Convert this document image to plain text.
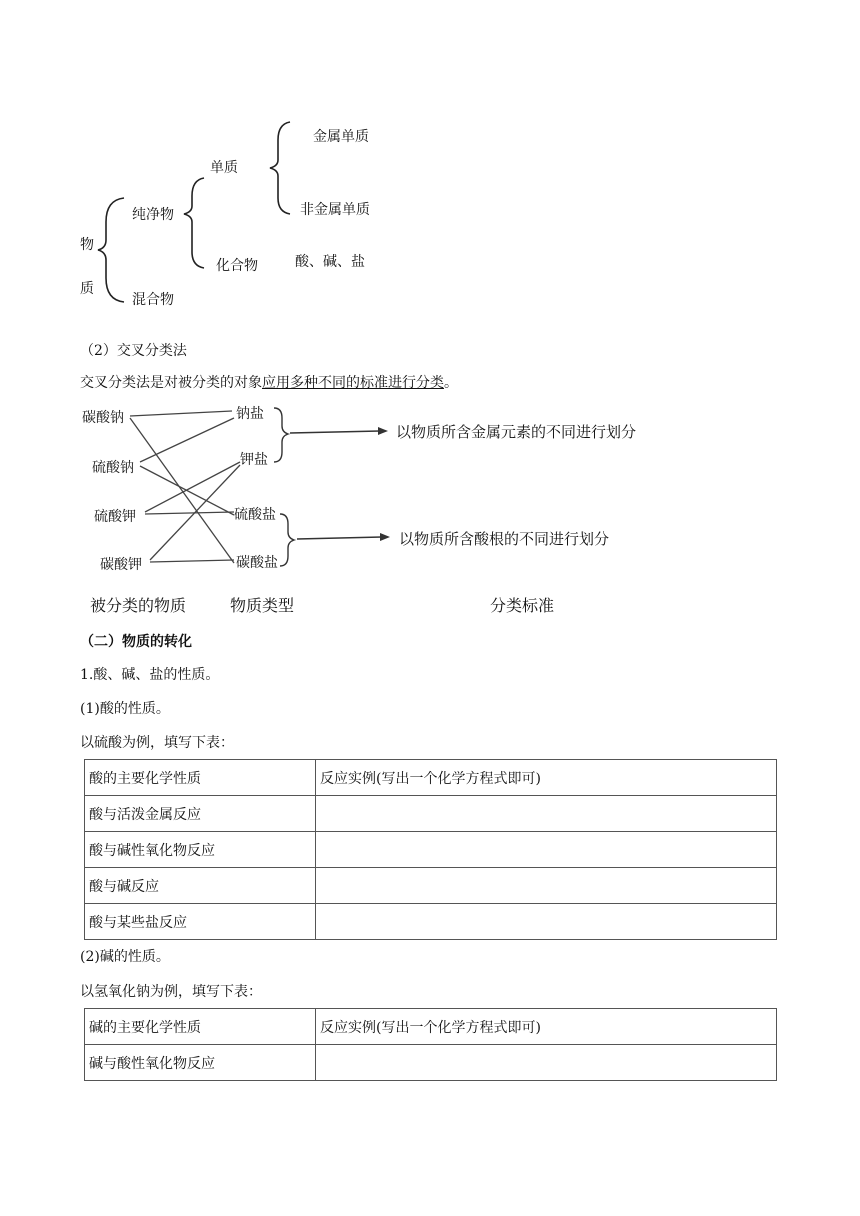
物
质
纯净物
混合物
单质
化合物
金属单质
非金属单质
酸、碱、盐
（2）交叉分类法
交叉分类法是对被分类的对象应用多种不同的标准进行分类。
碳酸钠
硫酸钠
硫酸钾
碳酸钾
钠盐
钾盐
硫酸盐
碳酸盐
以物质所含金属元素的不同进行划分
以物质所含酸根的不同进行划分
被分类的物质	物质类型	分类标准
（二）物质的转化
1.酸、碱、盐的性质。
(1)酸的性质。
以硫酸为例，填写下表：
酸的主要化学性质	反应实例(写出一个化学方程式即可)
酸与活泼金属反应	
酸与碱性氧化物反应	
酸与碱反应	
酸与某些盐反应	
(2)碱的性质。
以氢氧化钠为例，填写下表：
碱的主要化学性质	反应实例(写出一个化学方程式即可)
碱与酸性氧化物反应	
